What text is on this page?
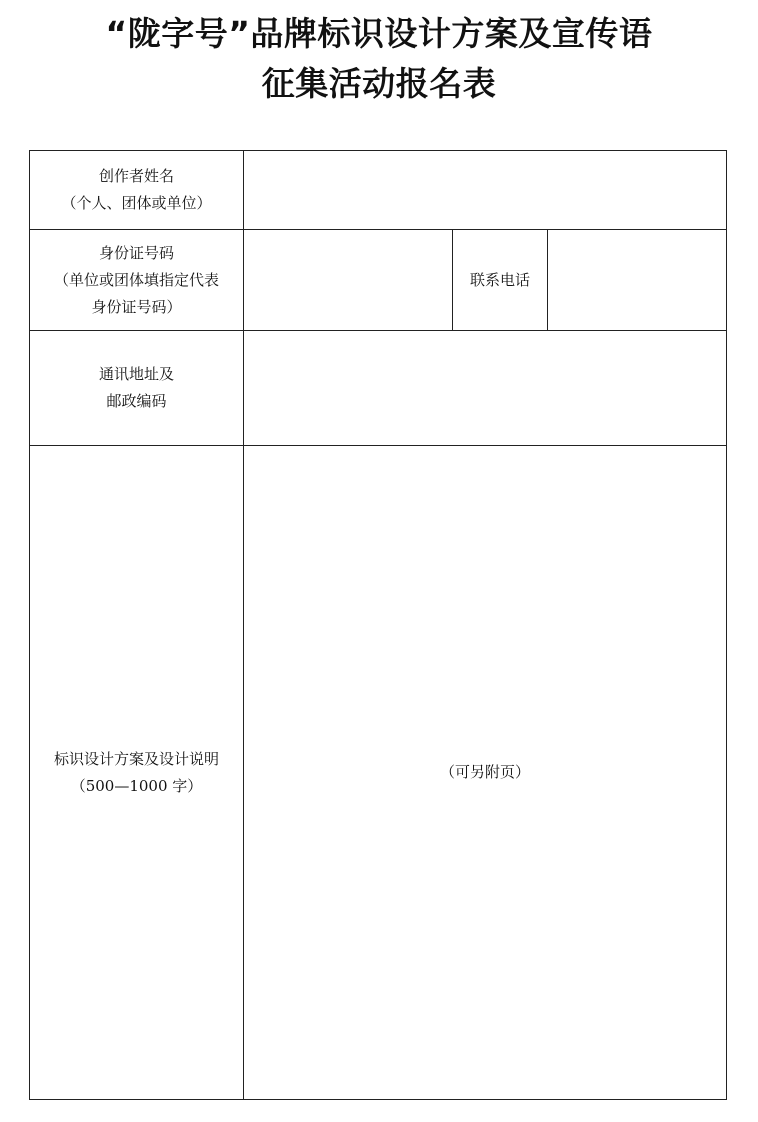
“陇字号”品牌标识设计方案及宣传语
征集活动报名表
创作者姓名
（个人、团体或单位）			

身份证号码
（单位或团体填指定代表
身份证号码）		联系电话	

通讯地址及
邮政编码			

标识设计方案及设计说明
（500—1000 字）	（可另附页）		
